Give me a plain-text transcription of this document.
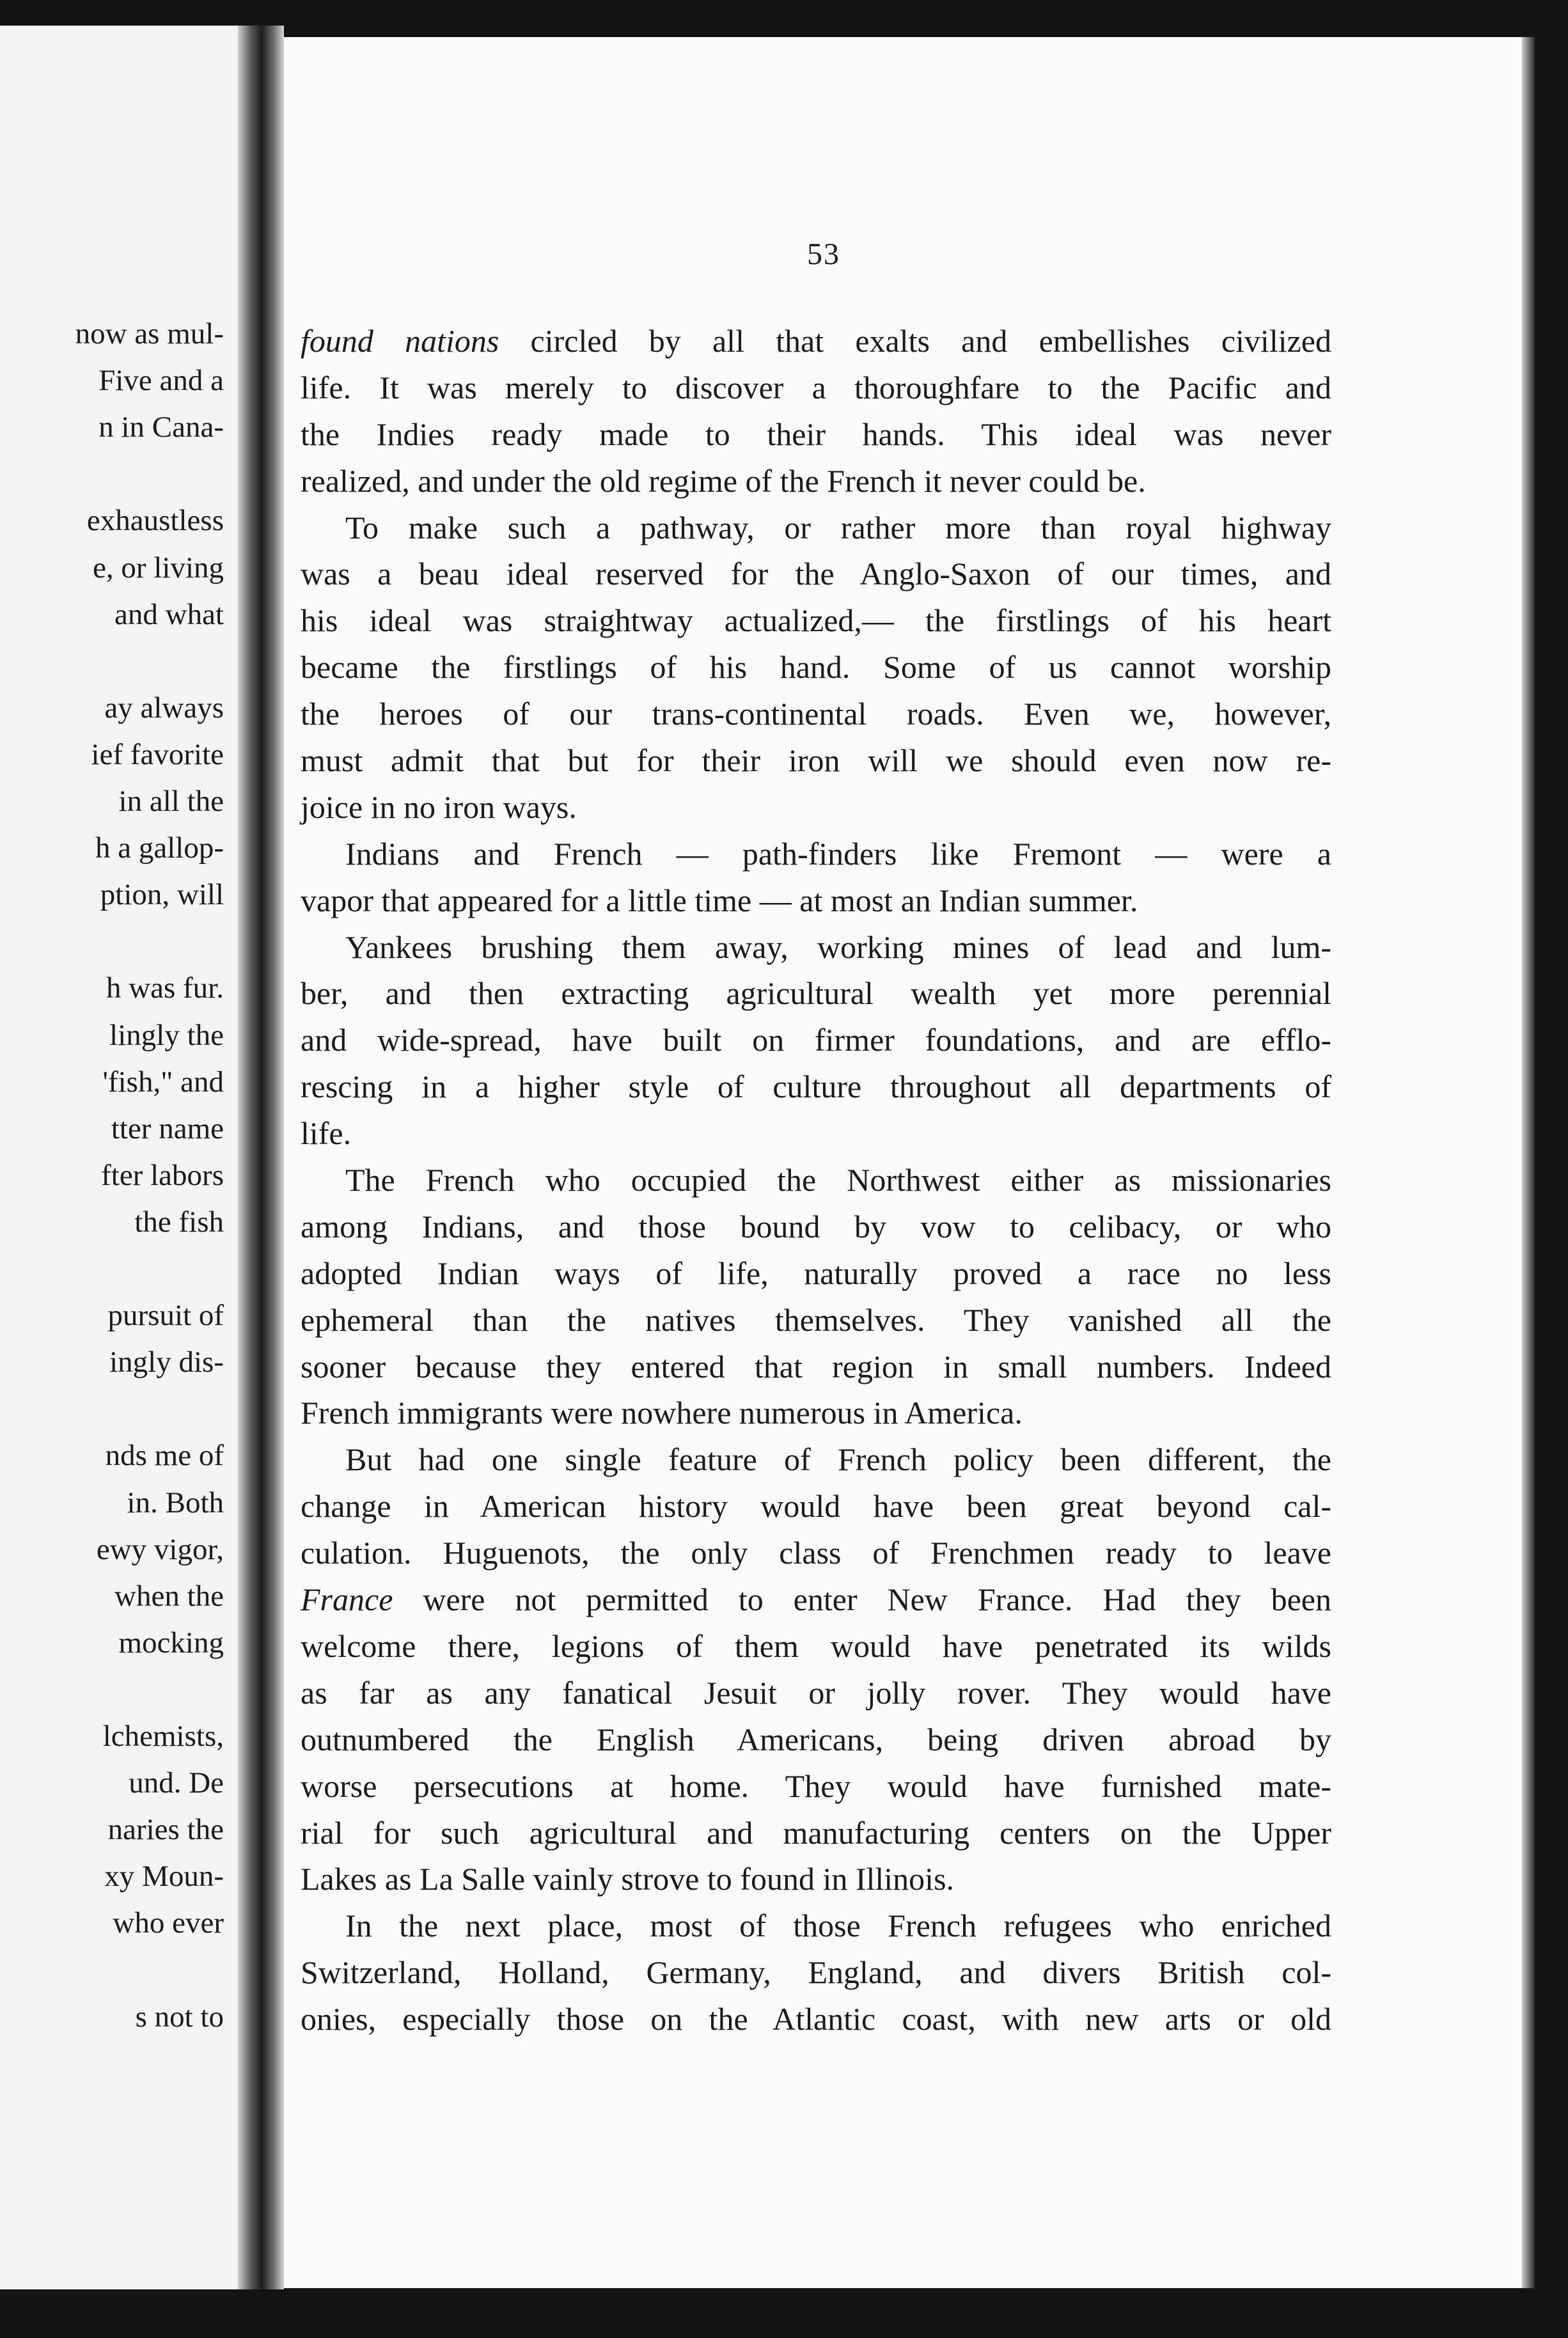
now as mul-
Five and a
n in Cana-
exhaustless
e, or living
and what
ay always
ief favorite
in all the
h a gallop-
ption, will
h was fur.
lingly the
'fish," and
tter name
fter labors
the fish
pursuit of
ingly dis-
nds me of
in. Both
ewy vigor,
when the
mocking
lchemists,
und. De
naries the
xy Moun-
who ever
s not to
53
found nations circled by all that exalts and embellishes civilized
life. It was merely to discover a thoroughfare to the Pacific and
the Indies ready made to their hands. This ideal was never
realized, and under the old regime of the French it never could be.
To make such a pathway, or rather more than royal highway
was a beau ideal reserved for the Anglo-Saxon of our times, and
his ideal was straightway actualized,— the firstlings of his heart
became the firstlings of his hand. Some of us cannot worship
the heroes of our trans-continental roads. Even we, however,
must admit that but for their iron will we should even now re-
joice in no iron ways.
Indians and French — path-finders like Fremont — were a
vapor that appeared for a little time — at most an Indian summer.
Yankees brushing them away, working mines of lead and lum-
ber, and then extracting agricultural wealth yet more perennial
and wide-spread, have built on firmer foundations, and are efflo-
rescing in a higher style of culture throughout all departments of
life.
The French who occupied the Northwest either as missionaries
among Indians, and those bound by vow to celibacy, or who
adopted Indian ways of life, naturally proved a race no less
ephemeral than the natives themselves. They vanished all the
sooner because they entered that region in small numbers. Indeed
French immigrants were nowhere numerous in America.
But had one single feature of French policy been different, the
change in American history would have been great beyond cal-
culation. Huguenots, the only class of Frenchmen ready to leave
France were not permitted to enter New France. Had they been
welcome there, legions of them would have penetrated its wilds
as far as any fanatical Jesuit or jolly rover. They would have
outnumbered the English Americans, being driven abroad by
worse persecutions at home. They would have furnished mate-
rial for such agricultural and manufacturing centers on the Upper
Lakes as La Salle vainly strove to found in Illinois.
In the next place, most of those French refugees who enriched
Switzerland, Holland, Germany, England, and divers British col-
onies, especially those on the Atlantic coast, with new arts or old
